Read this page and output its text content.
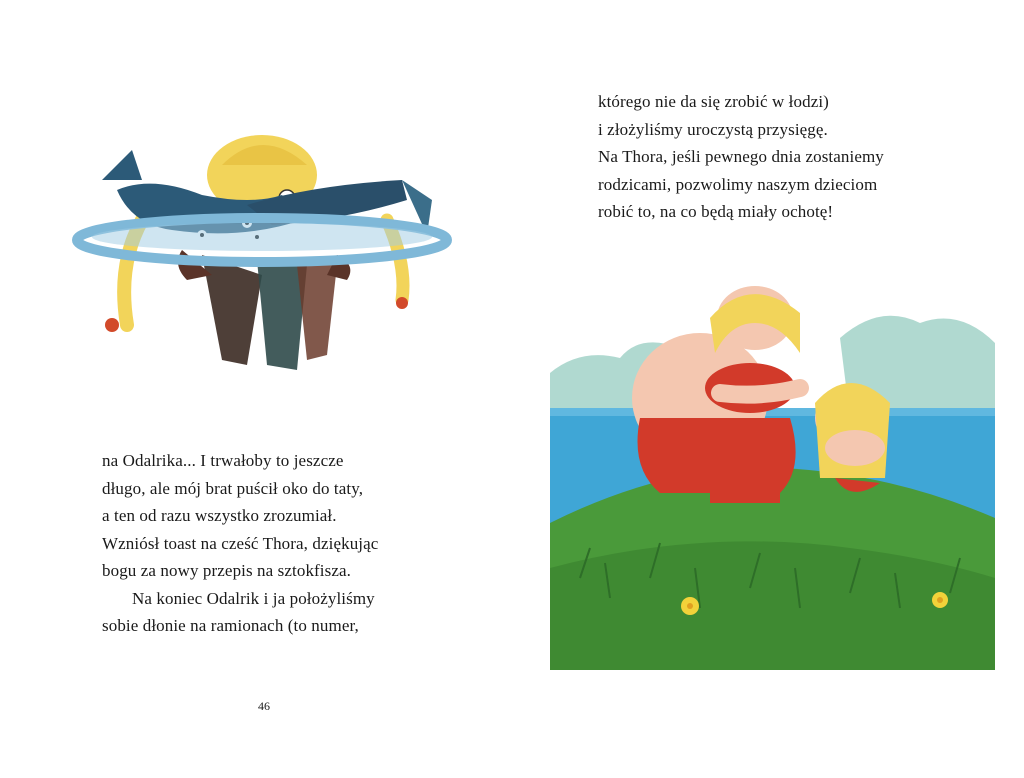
na Odalrika... I trwałoby to jeszcze
długo, ale mój brat puścił oko do taty,
a ten od razu wszystko zrozumiał.
Wzniósł toast na cześć Thora, dziękując
bogu za nowy przepis na sztokfisza.
Na koniec Odalrik i ja położyliśmy
sobie dłonie na ramionach (to numer,
46
którego nie da się zrobić w łodzi)
i złożyliśmy uroczystą przysięgę.
Na Thora, jeśli pewnego dnia zostaniemy
rodzicami, pozwolimy naszym dzieciom
robić to, na co będą miały ochotę!
